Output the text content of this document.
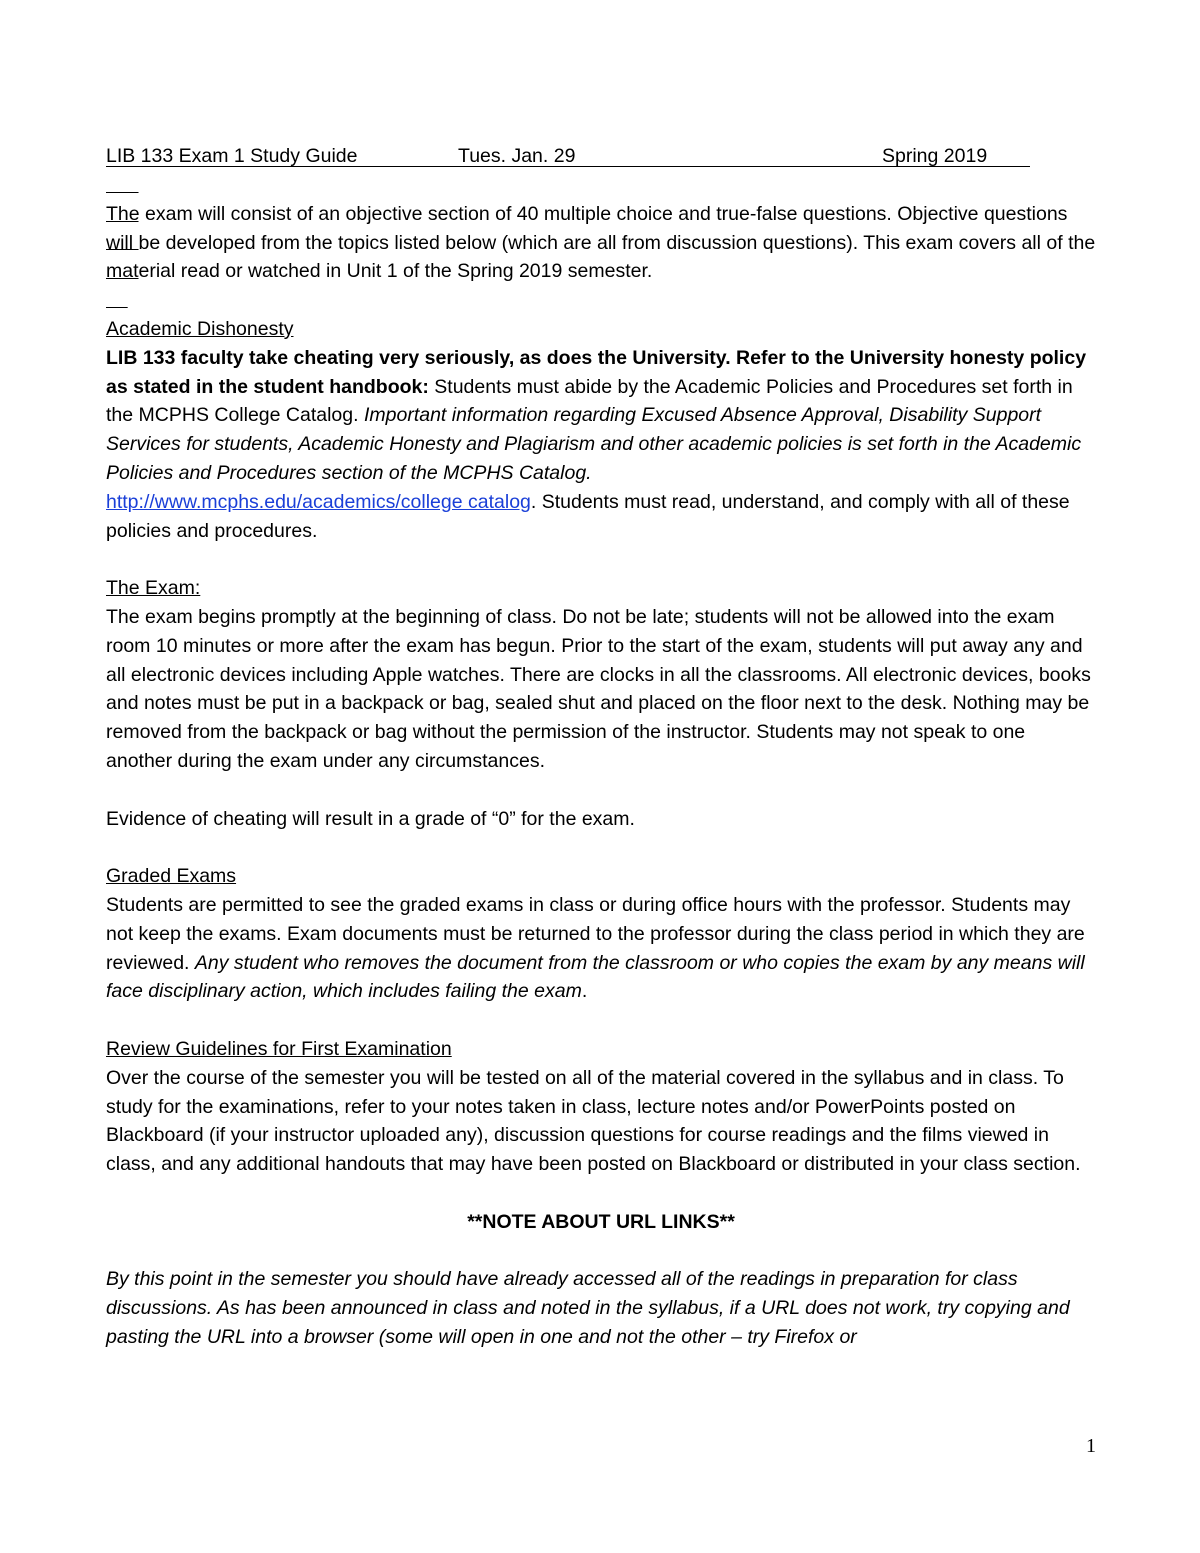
LIB 133 Exam 1 Study Guide

	Tues. Jan. 29

	Spring 2019

The exam will consist of an objective section of 40 multiple choice and true-false questions. Objective questions will be developed from the topics listed below (which are all from discussion questions). This exam covers all of the material read or watched in Unit 1 of the Spring 2019 semester.

Academic Dishonesty

LIB 133 faculty take cheating very seriously, as does the University. Refer to the University honesty policy as stated in the student handbook: Students must abide by the Academic Policies and Procedures set forth in the MCPHS College Catalog. Important information regarding Excused Absence Approval, Disability Support Services for students, Academic Honesty and Plagiarism and other academic policies is set forth in the Academic Policies and Procedures section of the MCPHS Catalog.
http://www.mcphs.edu/academics/college catalog. Students must read, understand, and comply with all of these policies and procedures.

The Exam:

The exam begins promptly at the beginning of class. Do not be late; students will not be allowed into the exam room 10 minutes or more after the exam has begun. Prior to the start of the exam, students will put away any and all electronic devices including Apple watches. There are clocks in all the classrooms. All electronic devices, books and notes must be put in a backpack or bag, sealed shut and placed on the floor next to the desk. Nothing may be removed from the backpack or bag without the permission of the instructor. Students may not speak to one another during the exam under any circumstances.

Evidence of cheating will result in a grade of “0” for the exam.

Graded Exams

Students are permitted to see the graded exams in class or during office hours with the professor. Students may not keep the exams. Exam documents must be returned to the professor during the class period in which they are reviewed. Any student who removes the document from the classroom or who copies the exam by any means will face disciplinary action, which includes failing the exam.

Review Guidelines for First Examination

Over the course of the semester you will be tested on all of the material covered in the syllabus and in class. To study for the examinations, refer to your notes taken in class, lecture notes and/or PowerPoints posted on Blackboard (if your instructor uploaded any), discussion questions for course readings and the films viewed in class, and any additional handouts that may have been posted on Blackboard or distributed in your class section.

**NOTE ABOUT URL LINKS**

By this point in the semester you should have already accessed all of the readings in preparation for class discussions. As has been announced in class and noted in the syllabus, if a URL does not work, try copying and pasting the URL into a browser (some will open in one and not the other – try Firefox or

1
